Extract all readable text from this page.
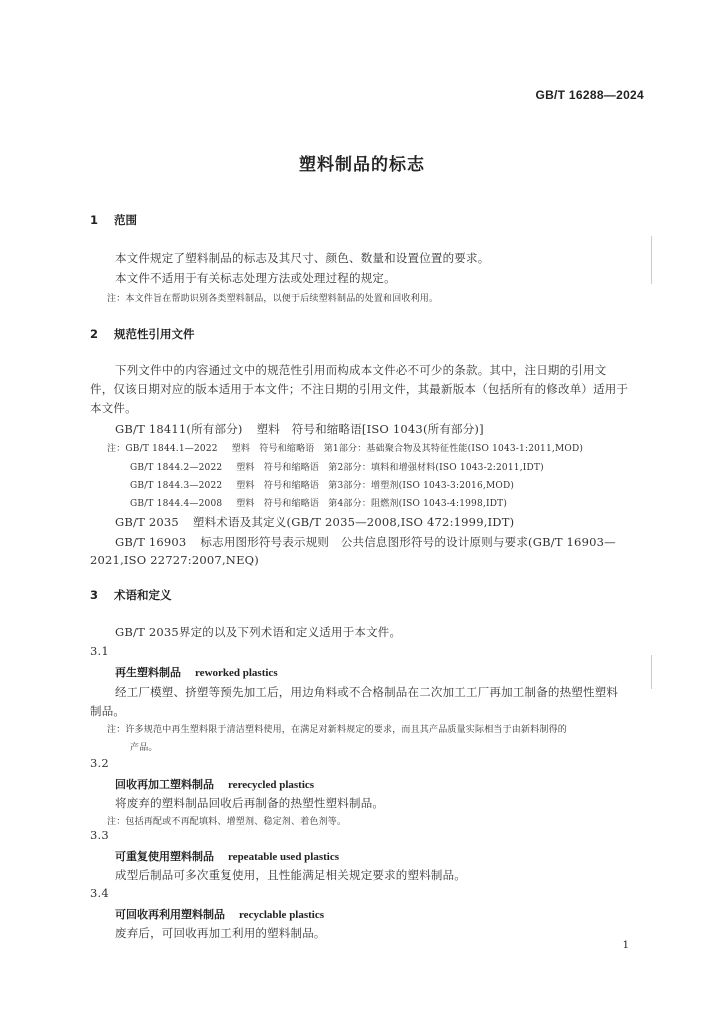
GB/T 16288—2024
塑料制品的标志
1 范围
本文件规定了塑料制品的标志及其尺寸、颜色、数量和设置位置的要求。
本文件不适用于有关标志处理方法或处理过程的规定。
注：本文件旨在帮助识别各类塑料制品，以便于后续塑料制品的处置和回收利用。
2 规范性引用文件
下列文件中的内容通过文中的规范性引用而构成本文件必不可少的条款。其中，注日期的引用文
件，仅该日期对应的版本适用于本文件；不注日期的引用文件，其最新版本（包括所有的修改单）适用于
本文件。
GB/T 18411(所有部分) 塑料　符号和缩略语[ISO 1043(所有部分)]
注：GB/T 1844.1—2022 塑料　符号和缩略语　第1部分：基础聚合物及其特征性能(ISO 1043-1:2011,MOD)
GB/T 1844.2—2022 塑料　符号和缩略语　第2部分：填料和增强材料(ISO 1043-2:2011,IDT)
GB/T 1844.3—2022 塑料　符号和缩略语　第3部分：增塑剂(ISO 1043-3:2016,MOD)
GB/T 1844.4—2008 塑料　符号和缩略语　第4部分：阻燃剂(ISO 1043-4:1998,IDT)
GB/T 2035 塑料术语及其定义(GB/T 2035—2008,ISO 472:1999,IDT)
GB/T 16903 标志用图形符号表示规则　公共信息图形符号的设计原则与要求(GB/T 16903—
2021,ISO 22727:2007,NEQ)
3 术语和定义
GB/T 2035界定的以及下列术语和定义适用于本文件。
3.1
再生塑料制品 reworked plastics
经工厂模塑、挤塑等预先加工后，用边角料或不合格制品在二次加工工厂再加工制备的热塑性塑料
制品。
注：许多规范中再生塑料限于清洁塑料使用，在满足对新料规定的要求，而且其产品质量实际相当于由新料制得的
产品。
3.2
回收再加工塑料制品 rerecycled plastics
将废弃的塑料制品回收后再制备的热塑性塑料制品。
注：包括再配或不再配填料、增塑剂、稳定剂、着色剂等。
3.3
可重复使用塑料制品 repeatable used plastics
成型后制品可多次重复使用，且性能满足相关规定要求的塑料制品。
3.4
可回收再利用塑料制品 recyclable plastics
废弃后，可回收再加工利用的塑料制品。
1
